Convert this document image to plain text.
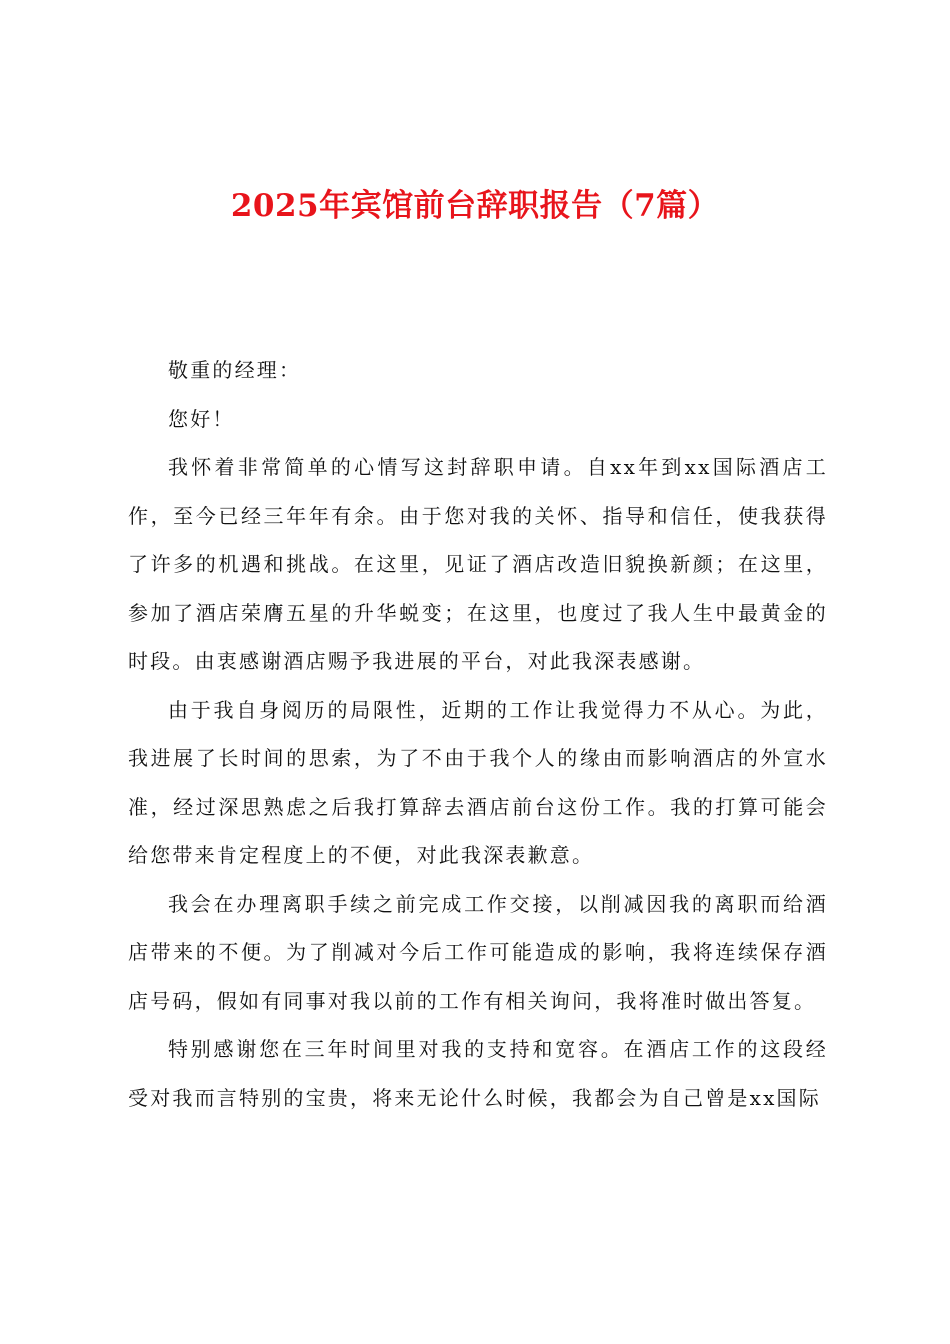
2025年宾馆前台辞职报告（7篇）

敬重的经理：

您好！

我怀着非常简单的心情写这封辞职申请。自xx年到xx国际酒店工作，至今已经三年年有余。由于您对我的关怀、指导和信任，使我获得了许多的机遇和挑战。在这里，见证了酒店改造旧貌换新颜；在这里，参加了酒店荣膺五星的升华蜕变；在这里，也度过了我人生中最黄金的时段。由衷感谢酒店赐予我进展的平台，对此我深表感谢。

由于我自身阅历的局限性，近期的工作让我觉得力不从心。为此，我进展了长时间的思索，为了不由于我个人的缘由而影响酒店的外宣水准，经过深思熟虑之后我打算辞去酒店前台这份工作。我的打算可能会给您带来肯定程度上的不便，对此我深表歉意。

我会在办理离职手续之前完成工作交接，以削减因我的离职而给酒店带来的不便。为了削减对今后工作可能造成的影响，我将连续保存酒店号码，假如有同事对我以前的工作有相关询问，我将准时做出答复。

特别感谢您在三年时间里对我的支持和宽容。在酒店工作的这段经受对我而言特别的宝贵，将来无论什么时候，我都会为自己曾是xx国际
